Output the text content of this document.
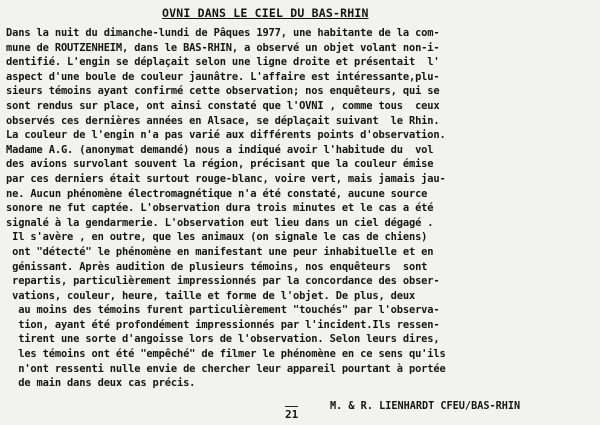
OVNI DANS LE CIEL DU BAS-RHIN
Dans la nuit du dimanche-lundi de Pâques 1977, une habitante de la com-
mune de ROUTZENHEIM, dans le BAS-RHIN, a observé un objet volant non-i-
dentifié. L'engin se déplaçait selon une ligne droite et présentait  l'
aspect d'une boule de couleur jaunâtre. L'affaire est intéressante,plu-
sieurs témoins ayant confirmé cette observation; nos enquêteurs, qui se
sont rendus sur place, ont ainsi constaté que l'OVNI , comme tous  ceux
observés ces dernières années en Alsace, se déplaçait suivant  le Rhin.
La couleur de l'engin n'a pas varié aux différents points d'observation.
Madame A.G. (anonymat demandé) nous a indiqué avoir l'habitude du  vol
des avions survolant souvent la région, précisant que la couleur émise
par ces derniers était surtout rouge-blanc, voire vert, mais jamais jau-
ne. Aucun phénomène électromagnétique n'a été constaté, aucune source
sonore ne fut captée. L'observation dura trois minutes et le cas a été
signalé à la gendarmerie. L'observation eut lieu dans un ciel dégagé .
Il s'avère , en outre, que les animaux (on signale le cas de chiens)
ont "détecté" le phénomène en manifestant une peur inhabituelle et en
génissant. Après audition de plusieurs témoins, nos enquêteurs  sont
repartis, particulièrement impressionnés par la concordance des obser-
vations, couleur, heure, taille et forme de l'objet. De plus, deux
au moins des témoins furent particulièrement "touchés" par l'observa-
tion, ayant été profondément impressionnés par l'incident.Ils ressen-
tirent une sorte d'angoisse lors de l'observation. Selon leurs dires,
les témoins ont été "empêché" de filmer le phénomène en ce sens qu'ils
n'ont ressenti nulle envie de chercher leur appareil pourtant à portée
de main dans deux cas précis.
21
M. & R. LIENHARDT CFEU/BAS-RHIN
